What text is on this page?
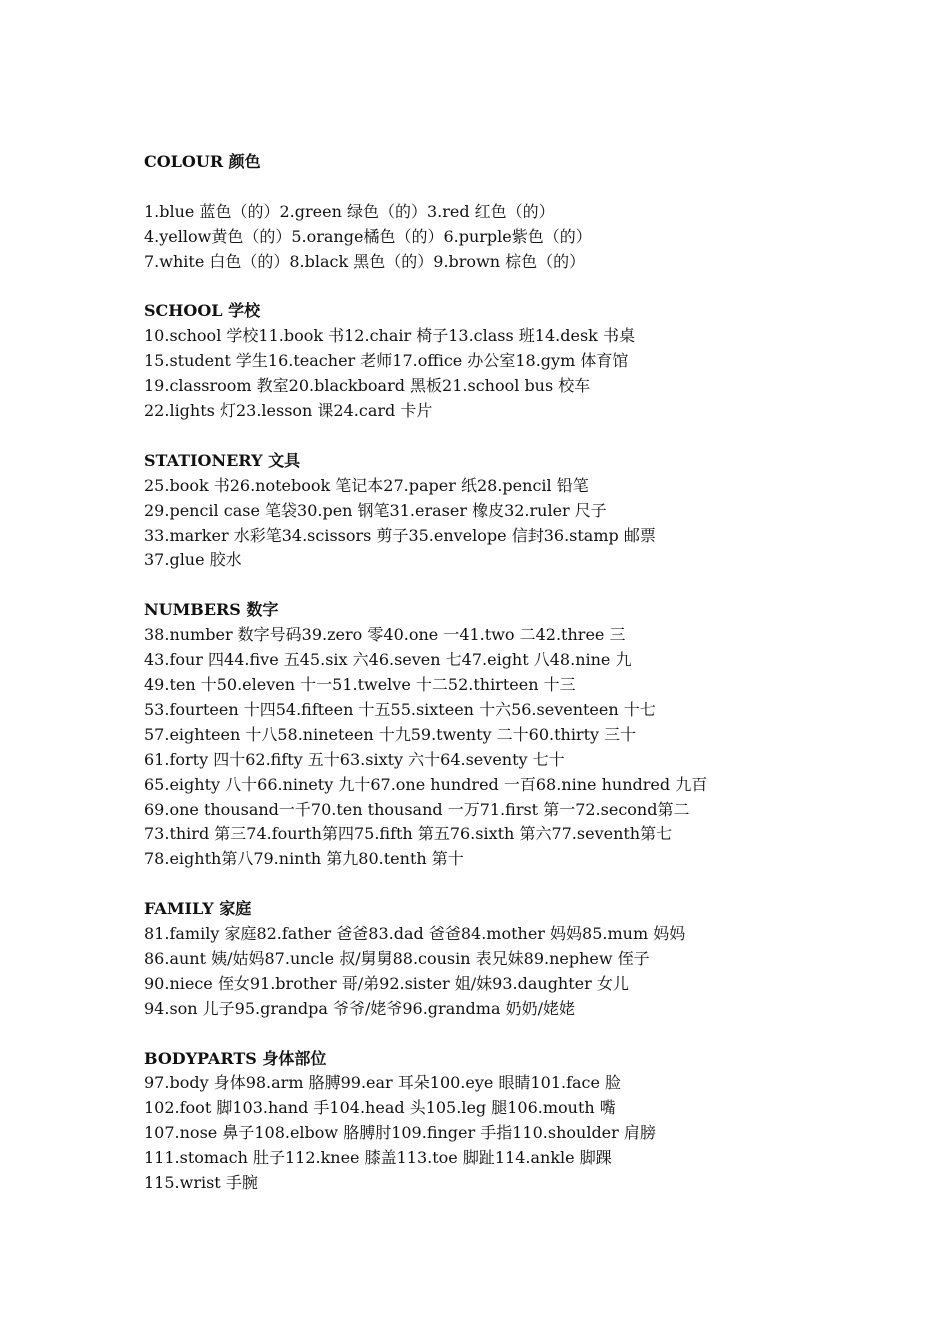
COLOUR 颜色
1.blue 蓝色（的）2.green 绿色（的）3.red 红色（的）
4.yellow黄色（的）5.orange橘色（的）6.purple紫色（的）
7.white 白色（的）8.black 黑色（的）9.brown 棕色（的）
SCHOOL 学校
10.school 学校11.book 书12.chair 椅子13.class 班14.desk 书桌
15.student 学生16.teacher 老师17.office 办公室18.gym 体育馆
19.classroom 教室20.blackboard 黑板21.school bus 校车
22.lights 灯23.lesson 课24.card 卡片
STATIONERY 文具
25.book 书26.notebook 笔记本27.paper 纸28.pencil 铅笔
29.pencil case 笔袋30.pen 钢笔31.eraser 橡皮32.ruler 尺子
33.marker 水彩笔34.scissors 剪子35.envelope 信封36.stamp 邮票
37.glue 胶水
NUMBERS 数字
38.number 数字号码39.zero 零40.one 一41.two 二42.three 三
43.four 四44.five 五45.six 六46.seven 七47.eight 八48.nine 九
49.ten 十50.eleven 十一51.twelve 十二52.thirteen 十三
53.fourteen 十四54.fifteen 十五55.sixteen 十六56.seventeen 十七
57.eighteen 十八58.nineteen 十九59.twenty 二十60.thirty 三十
61.forty 四十62.fifty 五十63.sixty 六十64.seventy 七十
65.eighty 八十66.ninety 九十67.one hundred 一百68.nine hundred 九百
69.one thousand一千70.ten thousand 一万71.first 第一72.second第二
73.third 第三74.fourth第四75.fifth 第五76.sixth 第六77.seventh第七
78.eighth第八79.ninth 第九80.tenth 第十
FAMILY 家庭
81.family 家庭82.father 爸爸83.dad 爸爸84.mother 妈妈85.mum 妈妈
86.aunt 姨/姑妈87.uncle 叔/舅舅88.cousin 表兄妹89.nephew 侄子
90.niece 侄女91.brother 哥/弟92.sister 姐/妹93.daughter 女儿
94.son 儿子95.grandpa 爷爷/姥爷96.grandma 奶奶/姥姥
BODYPARTS 身体部位
97.body 身体98.arm 胳膊99.ear 耳朵100.eye 眼睛101.face 脸
102.foot 脚103.hand 手104.head 头105.leg 腿106.mouth 嘴
107.nose 鼻子108.elbow 胳膊肘109.finger 手指110.shoulder 肩膀
111.stomach 肚子112.knee 膝盖113.toe 脚趾114.ankle 脚踝
115.wrist 手腕
